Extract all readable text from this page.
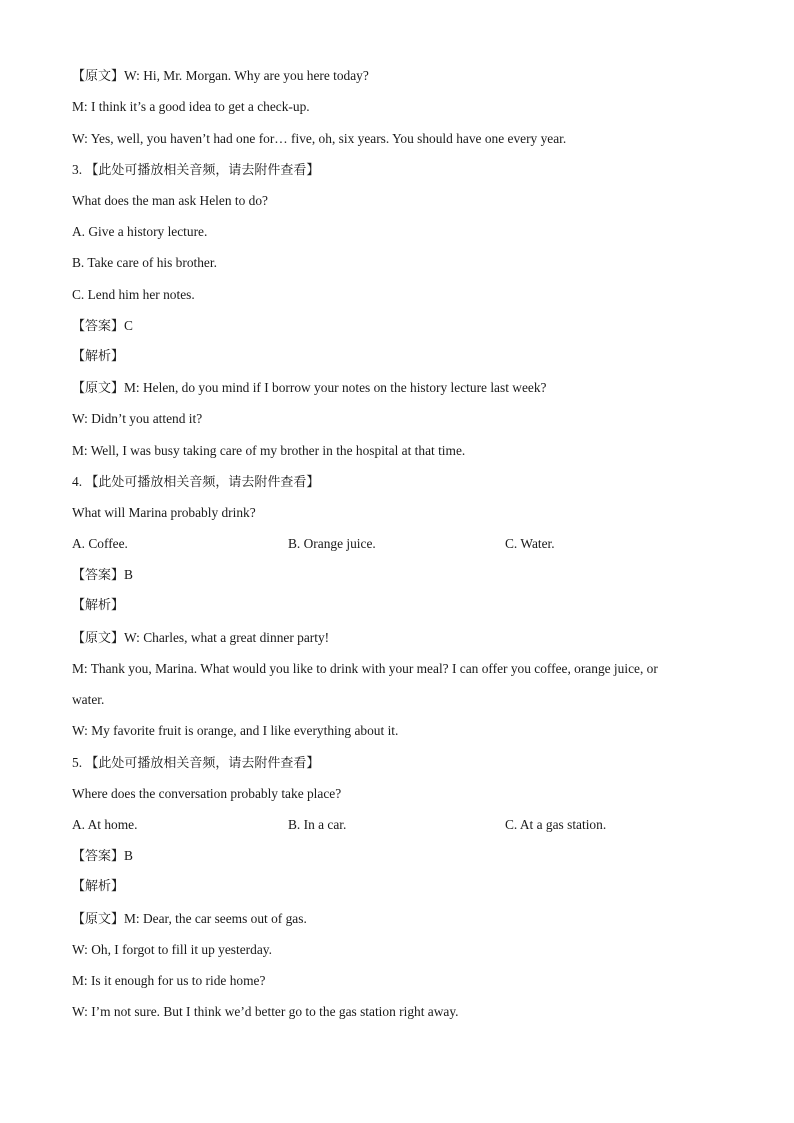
【原文】W: Hi, Mr. Morgan. Why are you here today?
M: I think it’s a good idea to get a check-up.
W: Yes, well, you haven’t had one for… five, oh, six years. You should have one every year.
3. 【此处可播放相关音频，请去附件查看】
What does the man ask Helen to do?
A. Give a history lecture.
B. Take care of his brother.
C. Lend him her notes.
【答案】C
【解析】
【原文】M: Helen, do you mind if I borrow your notes on the history lecture last week?
W: Didn’t you attend it?
M: Well, I was busy taking care of my brother in the hospital at that time.
4. 【此处可播放相关音频，请去附件查看】
What will Marina probably drink?
A. Coffee.	B. Orange juice.	C. Water.
【答案】B
【解析】
【原文】W: Charles, what a great dinner party!
M: Thank you, Marina. What would you like to drink with your meal? I can offer you coffee, orange juice, or
water.
W: My favorite fruit is orange, and I like everything about it.
5. 【此处可播放相关音频，请去附件查看】
Where does the conversation probably take place?
A. At home.	B. In a car.	C. At a gas station.
【答案】B
【解析】
【原文】M: Dear, the car seems out of gas.
W: Oh, I forgot to fill it up yesterday.
M: Is it enough for us to ride home?
W: I’m not sure. But I think we’d better go to the gas station right away.
